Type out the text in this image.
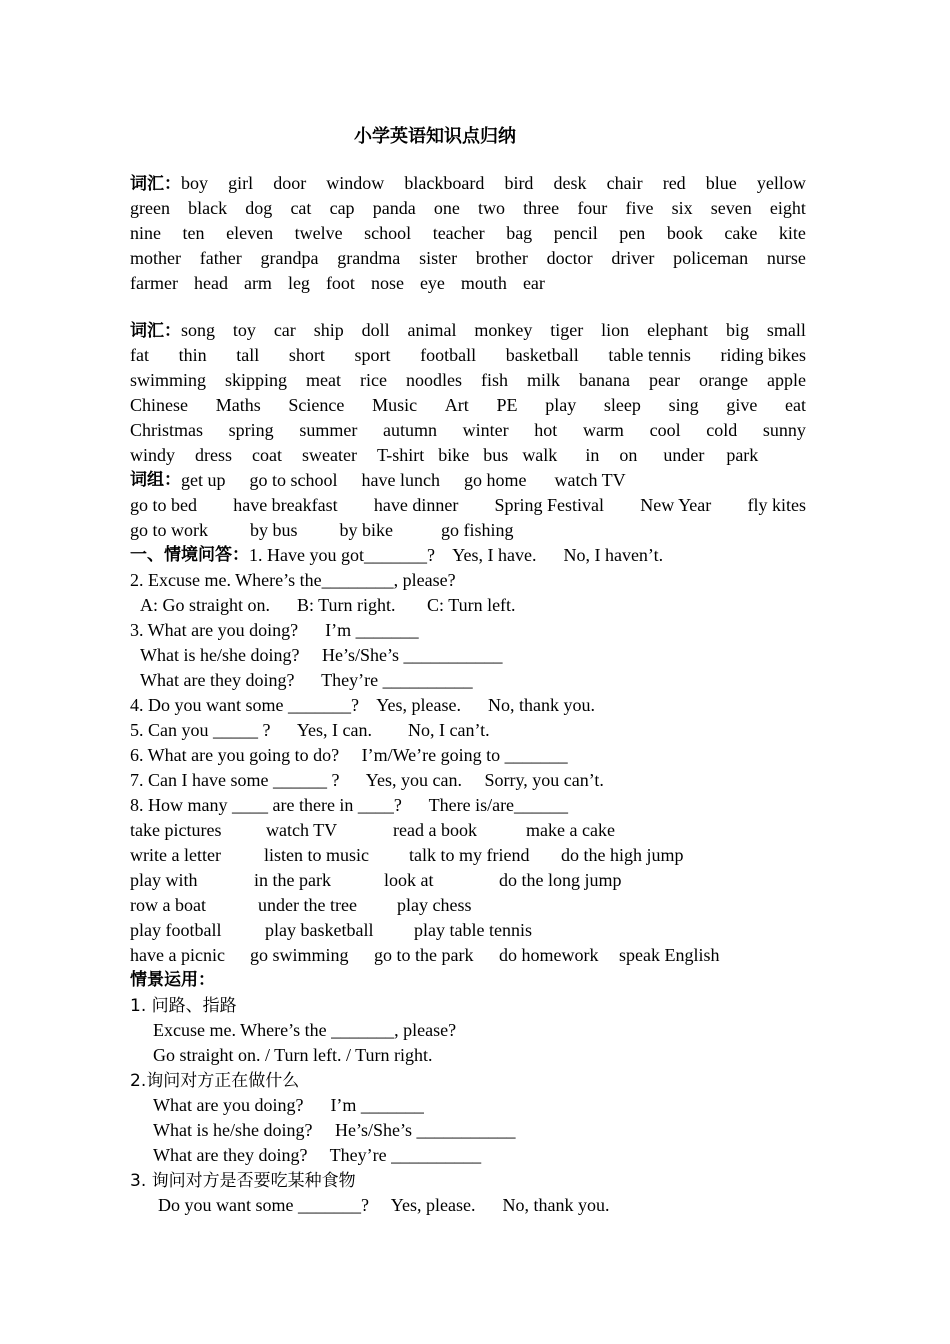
小学英语知识点归纳
词汇：boy girl door window blackboard bird desk chair red blue yellow
green black dog cat cap panda one two three four five six seven eight
nine ten eleven twelve school teacher bag pencil pen book cake kite
mother father grandpa grandma sister brother doctor driver policeman nurse
farmer head arm leg foot nose eye mouth ear
词汇：song toy car ship doll animal monkey tiger lion elephant big small
fat thin tall short sport football basketball table tennis riding bikes
swimming skipping meat rice noodles fish milk banana pear orange apple
Chinese Maths Science Music Art PE play sleep sing give eat
Christmas spring summer autumn winter hot warm cool cold sunny
windy	dress	coat	sweater	T-shirt bike bus walk	in	on	under	park
词组： get up	go to school	have lunch	go home	watch TV
go to bed have breakfast have dinner Spring Festival New Year fly kites
go to work	by bus	by bike	go fishing
一、情境问答： 1. Have you got_______?    Yes, I have.      No, I haven’t.
2. Excuse me. Where’s the________, please?
A: Go straight on.      B: Turn right.       C: Turn left.
3. What are you doing?      I’m _______
What is he/she doing?     He’s/She’s ___________
What are they doing?      They’re __________
4. Do you want some _______?    Yes, please.      No, thank you.
5. Can you _____ ?      Yes, I can.        No, I can’t.
6. What are you going to do?     I’m/We’re going to _______
7. Can I have some ______ ?      Yes, you can.     Sorry, you can’t.
8. How many ____ are there in ____?      There is/are______
take pictures	watch TV	read a book	make a cake
write a letter	listen to music	talk to my friend	do the high jump
play with	in the park	look at	do the long jump
row a boat	under the tree	play chess
play football	play basketball	play table tennis
have a picnic	go swimming	go to the park	do homework	speak English
情景运用：
1. 问路、指路
Excuse me. Where’s the _______, please?
Go straight on. / Turn left. / Turn right.
2.询问对方正在做什么
What are you doing?      I’m _______
What is he/she doing?     He’s/She’s ___________
What are they doing?     They’re __________
3. 询问对方是否要吃某种食物
Do you want some _______?     Yes, please.      No, thank you.
